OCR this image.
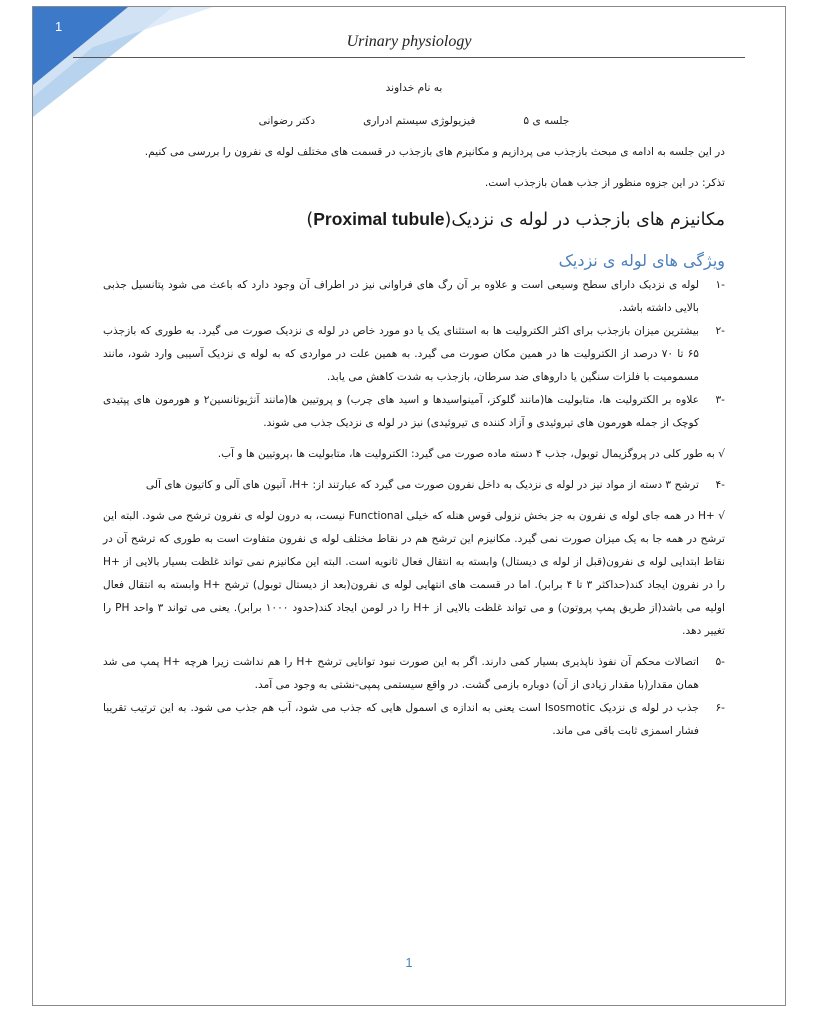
1
Urinary physiology

به نام خداوند

جلسه ی ۵
فیزیولوژی سیستم ادراری
دکتر رضوانی

در این جلسه به ادامه ی مبحث بازجذب می پردازیم و مکانیزم های بازجذب در قسمت های مختلف لوله ی نفرون را بررسی می کنیم.

تذکر: در این جزوه منظور از جذب همان بازجذب است.

مکانیزم های بازجذب در لوله ی نزدیک(Proximal tubule)

ویژگی های لوله ی نزدیک

-۱
لوله ی نزدیک دارای سطح وسیعی است و علاوه بر آن رگ های فراوانی نیز در اطراف آن وجود دارد که باعث می شود پتانسیل جذبی بالایی داشته باشد.
-۲
بیشترین میزان بازجذب برای اکثر الکترولیت ها به استثنای یک یا دو مورد خاص در لوله ی نزدیک صورت می گیرد. به طوری که بازجذب ۶۵ تا ۷۰ درصد از الکترولیت ها در همین مکان صورت می گیرد. به همین علت در مواردی که به لوله ی نزدیک آسیبی وارد شود، مانند مسمومیت با فلزات سنگین یا داروهای ضد سرطان، بازجذب به شدت کاهش می یابد.
-۳
علاوه بر الکترولیت ها، متابولیت ها(مانند گلوکز، آمینواسیدها و اسید های چرب) و پروتیین ها(مانند آنژیوتانسین۲ و هورمون های پپتیدی کوچک از جمله هورمون های تیروئیدی و آزاد کننده ی تیروئیدی) نیز در لوله ی نزدیک جذب می شوند.

√ به طور کلی در پروگزیمال توبول، جذب ۴ دسته ماده صورت می گیرد: الکترولیت ها، متابولیت ها ،پروتیین ها و آب.

-۴
ترشح ۳ دسته از مواد نیز در لوله ی نزدیک به داخل نفرون صورت می گیرد که عبارتند از: +H، آنیون های آلی و کاتیون های آلی

√ +H در همه جای لوله ی نفرون به جز بخش نزولی قوس هنله که خیلی Functional نیست، به درون لوله ی نفرون ترشح می شود. البته این ترشح در همه جا به یک میزان صورت نمی گیرد. مکانیزم این ترشح هم در نقاط مختلف لوله ی نفرون متفاوت است به طوری که ترشح آن در نقاط ابتدایی لوله ی نفرون(قبل از لوله ی دیستال) وابسته به انتقال فعال ثانویه است. البته این مکانیزم نمی تواند غلظت بسیار بالایی از +H را در نفرون ایجاد کند(حداکثر ۳ تا ۴ برابر). اما در قسمت های انتهایی لوله ی نفرون(بعد از دیستال توبول) ترشح +H وابسته به انتقال فعال اولیه می باشد(از طریق پمپ پروتون) و می تواند غلظت بالایی از +H را در لومن ایجاد کند(حدود ۱۰۰۰ برابر). یعنی می تواند ۳ واحد PH را تغییر دهد.

-۵
اتصالات محکم آن نفوذ ناپذیری بسیار کمی دارند. اگر به این صورت نبود توانایی ترشح +H را هم نداشت زیرا هرچه +H پمپ می شد همان مقدار(با مقدار زیادی از آن) دوباره بازمی گشت. در واقع سیستمی پمپی-نشتی به وجود می آمد.
-۶
جذب در لوله ی نزدیک Isosmotic است یعنی به اندازه ی اسمول هایی که جذب می شود، آب هم جذب می شود. به این ترتیب تقریبا فشار اسمزی ثابت باقی می ماند.
1
